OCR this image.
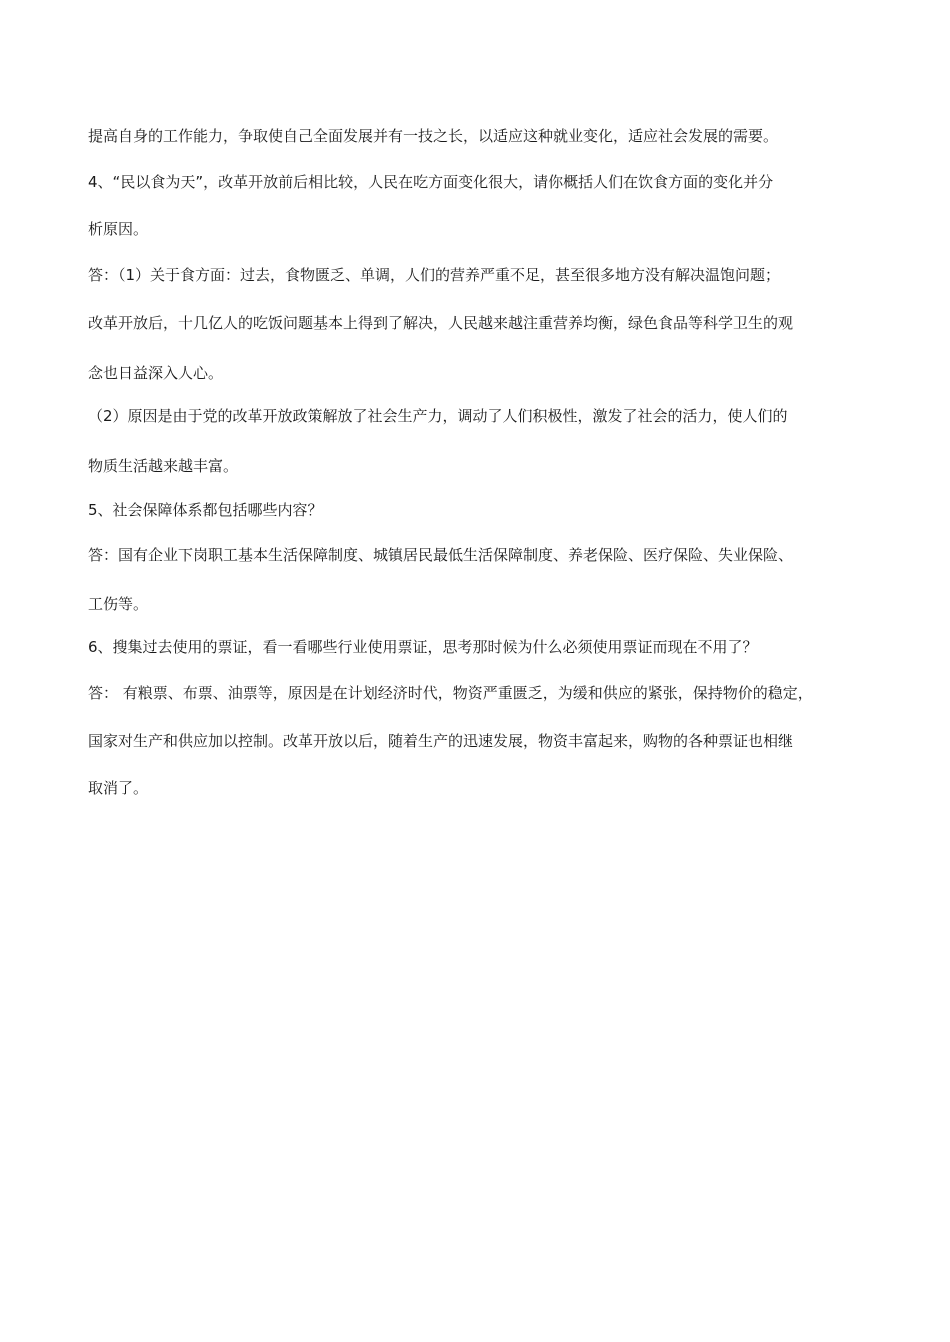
提高自身的工作能力，争取使自己全面发展并有一技之长，以适应这种就业变化，适应社会发展的需要。
4、“民以食为天”，改革开放前后相比较，人民在吃方面变化很大，请你概括人们在饮食方面的变化并分
析原因。
答：（1）关于食方面：过去，食物匮乏、单调，人们的营养严重不足，甚至很多地方没有解决温饱问题；
改革开放后，十几亿人的吃饭问题基本上得到了解决，人民越来越注重营养均衡，绿色食品等科学卫生的观
念也日益深入人心。
（2）原因是由于党的改革开放政策解放了社会生产力，调动了人们积极性，激发了社会的活力，使人们的
物质生活越来越丰富。
5、社会保障体系都包括哪些内容？
答：国有企业下岗职工基本生活保障制度、城镇居民最低生活保障制度、养老保险、医疗保险、失业保险、
工伤等。
6、搜集过去使用的票证，看一看哪些行业使用票证，思考那时候为什么必须使用票证而现在不用了？
答： 有粮票、布票、油票等，原因是在计划经济时代，物资严重匮乏，为缓和供应的紧张，保持物价的稳定，
国家对生产和供应加以控制。改革开放以后，随着生产的迅速发展，物资丰富起来，购物的各种票证也相继
取消了。
